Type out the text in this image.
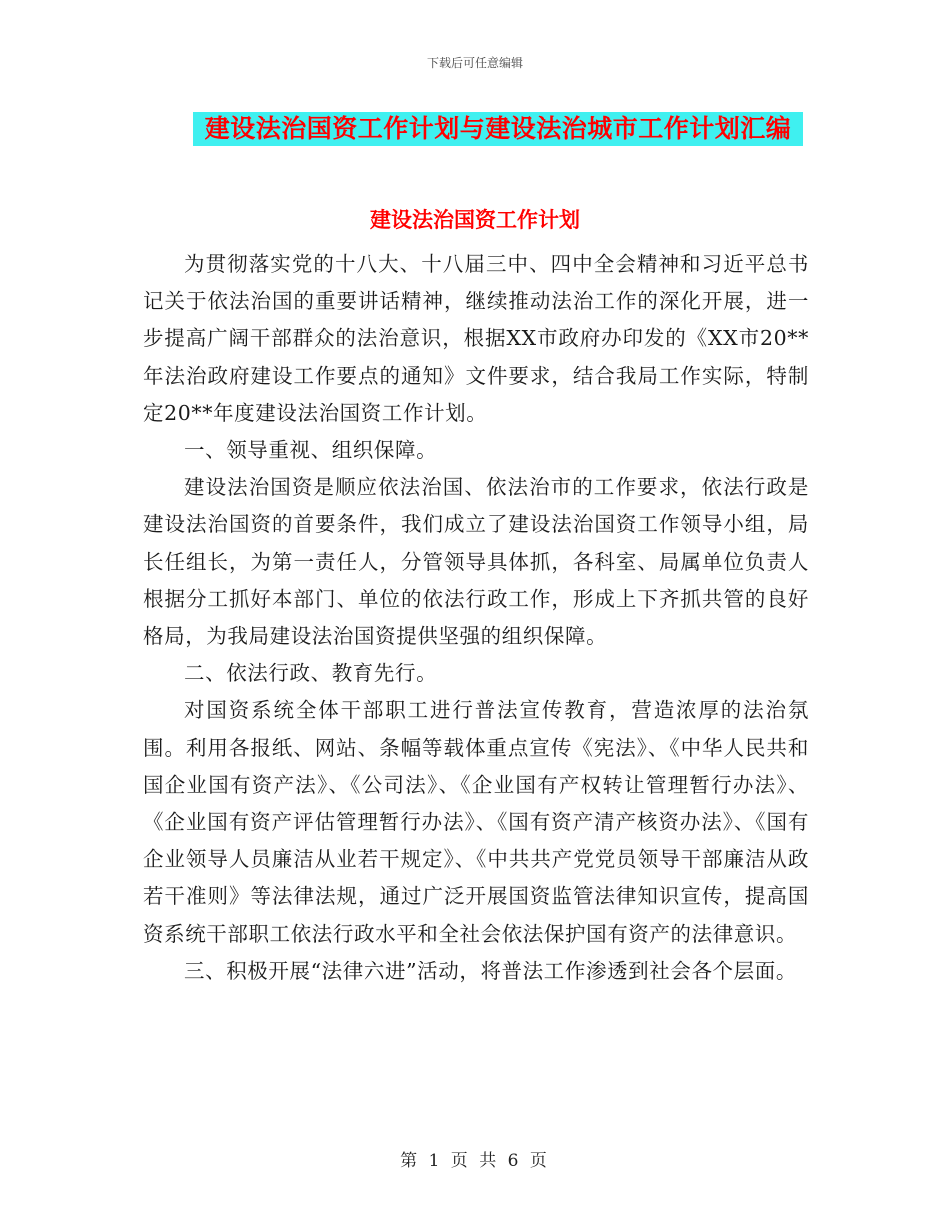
下载后可任意编辑
建设法治国资工作计划与建设法治城市工作计划汇编
建设法治国资工作计划

为贯彻落实党的十八大、十八届三中、四中全会精神和习近平总书记关于依法治国的重要讲话精神，继续推动法治工作的深化开展，进一步提高广阔干部群众的法治意识，根据XX市政府办印发的《XX市20**年法治政府建设工作要点的通知》文件要求，结合我局工作实际，特制定20**年度建设法治国资工作计划。

一、领导重视、组织保障。

建设法治国资是顺应依法治国、依法治市的工作要求，依法行政是建设法治国资的首要条件，我们成立了建设法治国资工作领导小组，局长任组长，为第一责任人，分管领导具体抓，各科室、局属单位负责人根据分工抓好本部门、单位的依法行政工作，形成上下齐抓共管的良好格局，为我局建设法治国资提供坚强的组织保障。

二、依法行政、教育先行。

对国资系统全体干部职工进行普法宣传教育，营造浓厚的法治氛围。利用各报纸、网站、条幅等载体重点宣传《宪法》、《中华人民共和国企业国有资产法》、《公司法》、《企业国有产权转让管理暂行办法》、《企业国有资产评估管理暂行办法》、《国有资产清产核资办法》、《国有企业领导人员廉洁从业若干规定》、《中共共产党党员领导干部廉洁从政若干准则》等法律法规，通过广泛开展国资监管法律知识宣传，提高国资系统干部职工依法行政水平和全社会依法保护国有资产的法律意识。

三、积极开展“法律六进”活动，将普法工作渗透到社会各个层面。

第 1 页 共 6 页
